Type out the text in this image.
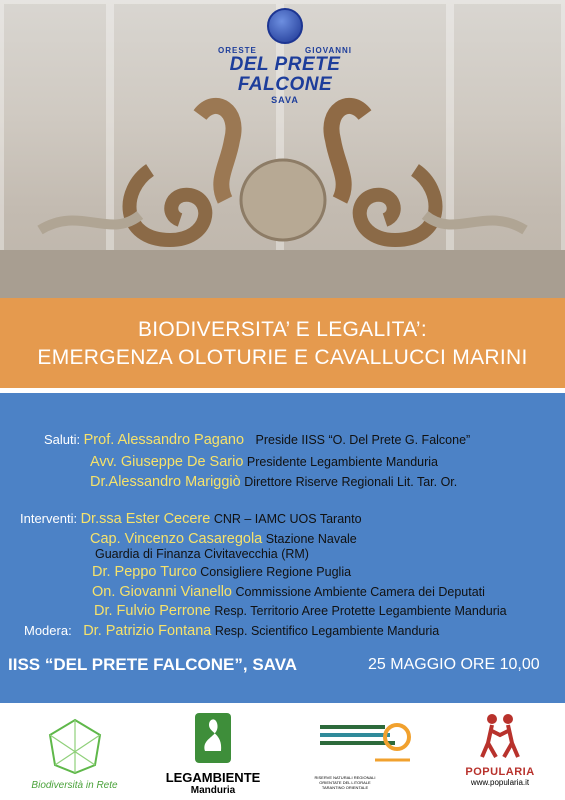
ORESTE	GIOVANNI
DEL PRETE FALCONE
SAVA
BIODIVERSITA’ E LEGALITA’:
EMERGENZA OLOTURIE E CAVALLUCCI MARINI
Saluti: Prof. Alessandro Pagano Preside IISS “O. Del Prete G. Falcone”
Avv. Giuseppe De Sario Presidente Legambiente Manduria
Dr.Alessandro Mariggiò Direttore Riserve Regionali Lit. Tar. Or.
Interventi: Dr.ssa Ester Cecere CNR – IAMC UOS Taranto
Cap. Vincenzo Casaregola Stazione Navale
Guardia di Finanza Civitavecchia (RM)
Dr. Peppo Turco Consigliere Regione Puglia
On. Giovanni Vianello Commissione Ambiente Camera dei Deputati
Dr. Fulvio Perrone Resp. Territorio Aree Protette Legambiente Manduria
Modera: Dr. Patrizio Fontana Resp. Scientifico Legambiente Manduria
IISS “DEL PRETE FALCONE”, SAVA	25 MAGGIO ORE 10,00
Biodiversità in Rete
LEGAMBIENTE
Manduria
RISERVE NATURALI REGIONALI ORIENTATE DEL LITORALE TARANTINO ORIENTALE
POPULARIA
www.popularia.it
